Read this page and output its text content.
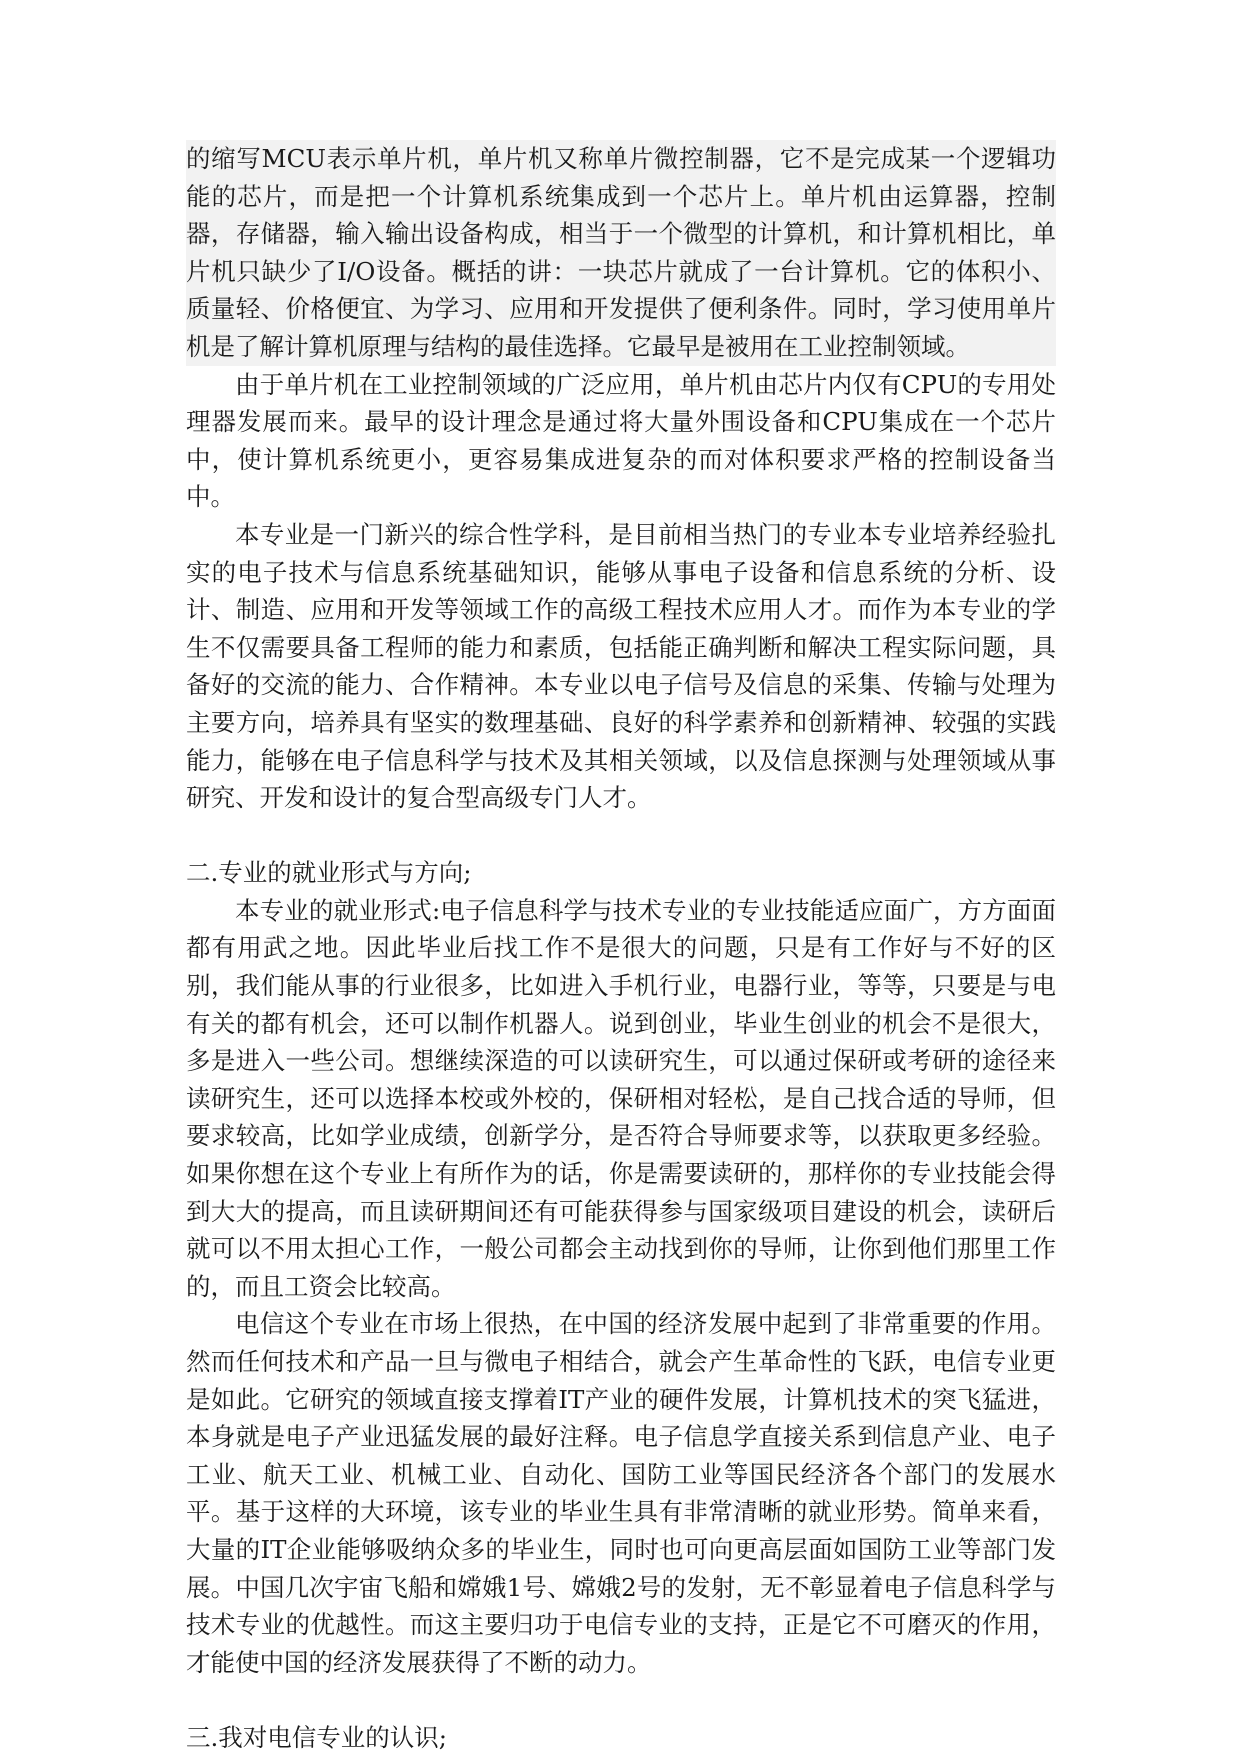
的缩写MCU表示单片机，单片机又称单片微控制器，它不是完成某一个逻辑功能的芯片，而是把一个计算机系统集成到一个芯片上。单片机由运算器，控制器，存储器，输入输出设备构成，相当于一个微型的计算机，和计算机相比，单片机只缺少了I/O设备。概括的讲：一块芯片就成了一台计算机。它的体积小、质量轻、价格便宜、为学习、应用和开发提供了便利条件。同时，学习使用单片机是了解计算机原理与结构的最佳选择。它最早是被用在工业控制领域。

由于单片机在工业控制领域的广泛应用，单片机由芯片内仅有CPU的专用处理器发展而来。最早的设计理念是通过将大量外围设备和CPU集成在一个芯片中，使计算机系统更小，更容易集成进复杂的而对体积要求严格的控制设备当中。

本专业是一门新兴的综合性学科，是目前相当热门的专业本专业培养经验扎实的电子技术与信息系统基础知识，能够从事电子设备和信息系统的分析、设计、制造、应用和开发等领域工作的高级工程技术应用人才。而作为本专业的学生不仅需要具备工程师的能力和素质，包括能正确判断和解决工程实际问题，具备好的交流的能力、合作精神。本专业以电子信号及信息的采集、传输与处理为主要方向，培养具有坚实的数理基础、良好的科学素养和创新精神、较强的实践能力，能够在电子信息科学与技术及其相关领域，以及信息探测与处理领域从事研究、开发和设计的复合型高级专门人才。

二.专业的就业形式与方向;

本专业的就业形式:电子信息科学与技术专业的专业技能适应面广，方方面面都有用武之地。因此毕业后找工作不是很大的问题，只是有工作好与不好的区别，我们能从事的行业很多，比如进入手机行业，电器行业，等等，只要是与电有关的都有机会，还可以制作机器人。说到创业，毕业生创业的机会不是很大，多是进入一些公司。想继续深造的可以读研究生，可以通过保研或考研的途径来读研究生，还可以选择本校或外校的，保研相对轻松，是自己找合适的导师，但要求较高，比如学业成绩，创新学分，是否符合导师要求等，以获取更多经验。如果你想在这个专业上有所作为的话，你是需要读研的，那样你的专业技能会得到大大的提高，而且读研期间还有可能获得参与国家级项目建设的机会，读研后就可以不用太担心工作，一般公司都会主动找到你的导师，让你到他们那里工作的，而且工资会比较高。

电信这个专业在市场上很热，在中国的经济发展中起到了非常重要的作用。然而任何技术和产品一旦与微电子相结合，就会产生革命性的飞跃，电信专业更是如此。它研究的领域直接支撑着IT产业的硬件发展，计算机技术的突飞猛进，本身就是电子产业迅猛发展的最好注释。电子信息学直接关系到信息产业、电子工业、航天工业、机械工业、自动化、国防工业等国民经济各个部门的发展水平。基于这样的大环境，该专业的毕业生具有非常清晰的就业形势。简单来看，大量的IT企业能够吸纳众多的毕业生，同时也可向更高层面如国防工业等部门发展。中国几次宇宙飞船和嫦娥1号、嫦娥2号的发射，无不彰显着电子信息科学与技术专业的优越性。而这主要归功于电信专业的支持，正是它不可磨灭的作用，才能使中国的经济发展获得了不断的动力。

三.我对电信专业的认识;
